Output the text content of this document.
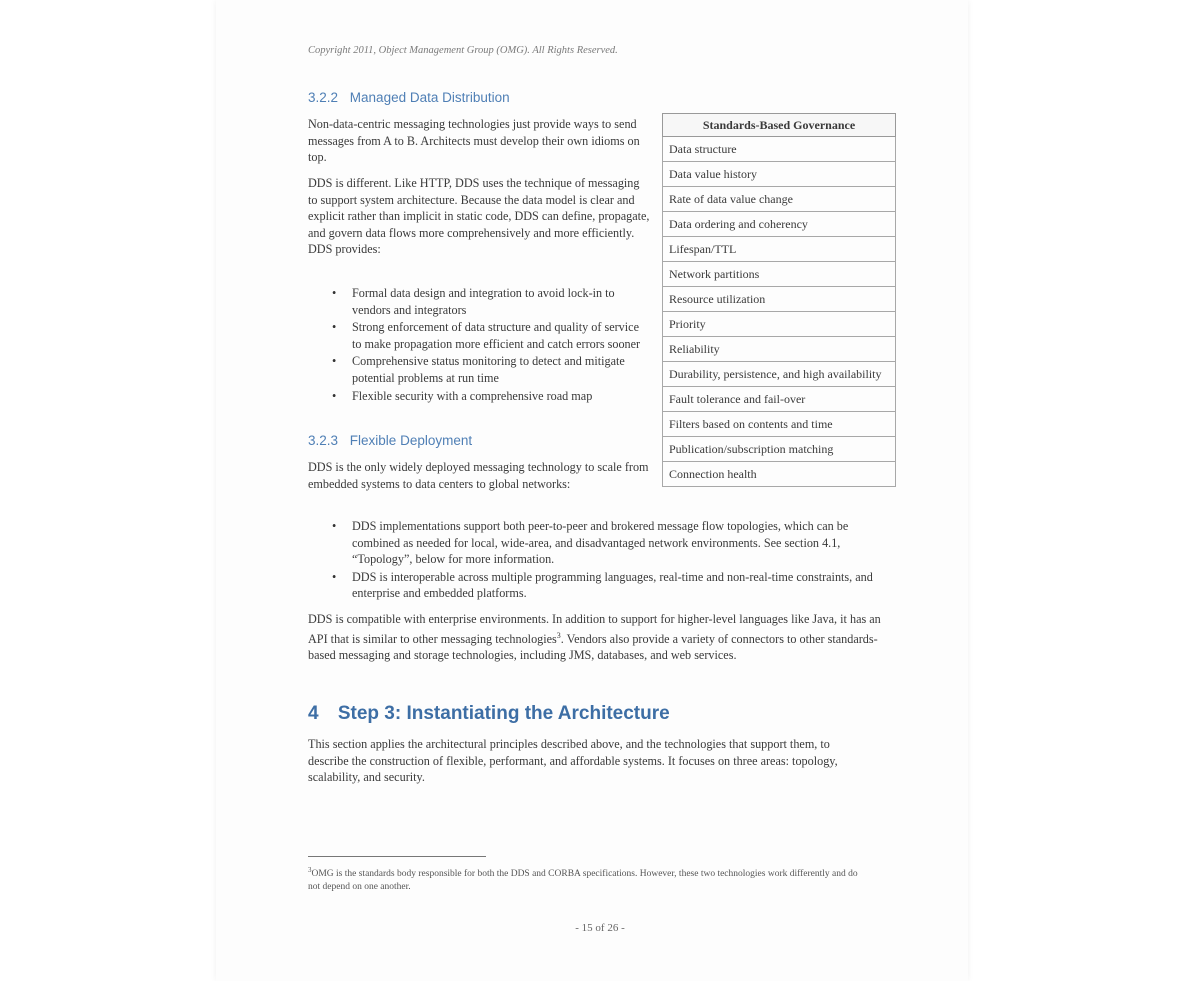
Copyright 2011, Object Management Group (OMG). All Rights Reserved.
3.2.2 Managed Data Distribution
Non-data-centric messaging technologies just provide ways to send messages from A to B. Architects must develop their own idioms on top.
DDS is different. Like HTTP, DDS uses the technique of messaging to support system architecture. Because the data model is clear and explicit rather than implicit in static code, DDS can define, propagate, and govern data flows more comprehensively and more efficiently. DDS provides:
• Formal data design and integration to avoid lock-in to vendors and integrators
• Strong enforcement of data structure and quality of service to make propagation more efficient and catch errors sooner
• Comprehensive status monitoring to detect and mitigate potential problems at run time
• Flexible security with a comprehensive road map
Standards-Based Governance
Data structure
Data value history
Rate of data value change
Data ordering and coherency
Lifespan/TTL
Network partitions
Resource utilization
Priority
Reliability
Durability, persistence, and high availability
Fault tolerance and fail-over
Filters based on contents and time
Publication/subscription matching
Connection health
3.2.3 Flexible Deployment
DDS is the only widely deployed messaging technology to scale from embedded systems to data centers to global networks:
• DDS implementations support both peer-to-peer and brokered message flow topologies, which can be combined as needed for local, wide-area, and disadvantaged network environments. See section 4.1, “Topology”, below for more information.
• DDS is interoperable across multiple programming languages, real-time and non-real-time constraints, and enterprise and embedded platforms.
DDS is compatible with enterprise environments. In addition to support for higher-level languages like Java, it has an API that is similar to other messaging technologies$^3$. Vendors also provide a variety of connectors to other standards-based messaging and storage technologies, including JMS, databases, and web services.
4 Step 3: Instantiating the Architecture
This section applies the architectural principles described above, and the technologies that support them, to describe the construction of flexible, performant, and affordable systems. It focuses on three areas: topology, scalability, and security.
$^3$OMG is the standards body responsible for both the DDS and CORBA specifications. However, these two technologies work differently and do not depend on one another.
- 15 of 26 -
